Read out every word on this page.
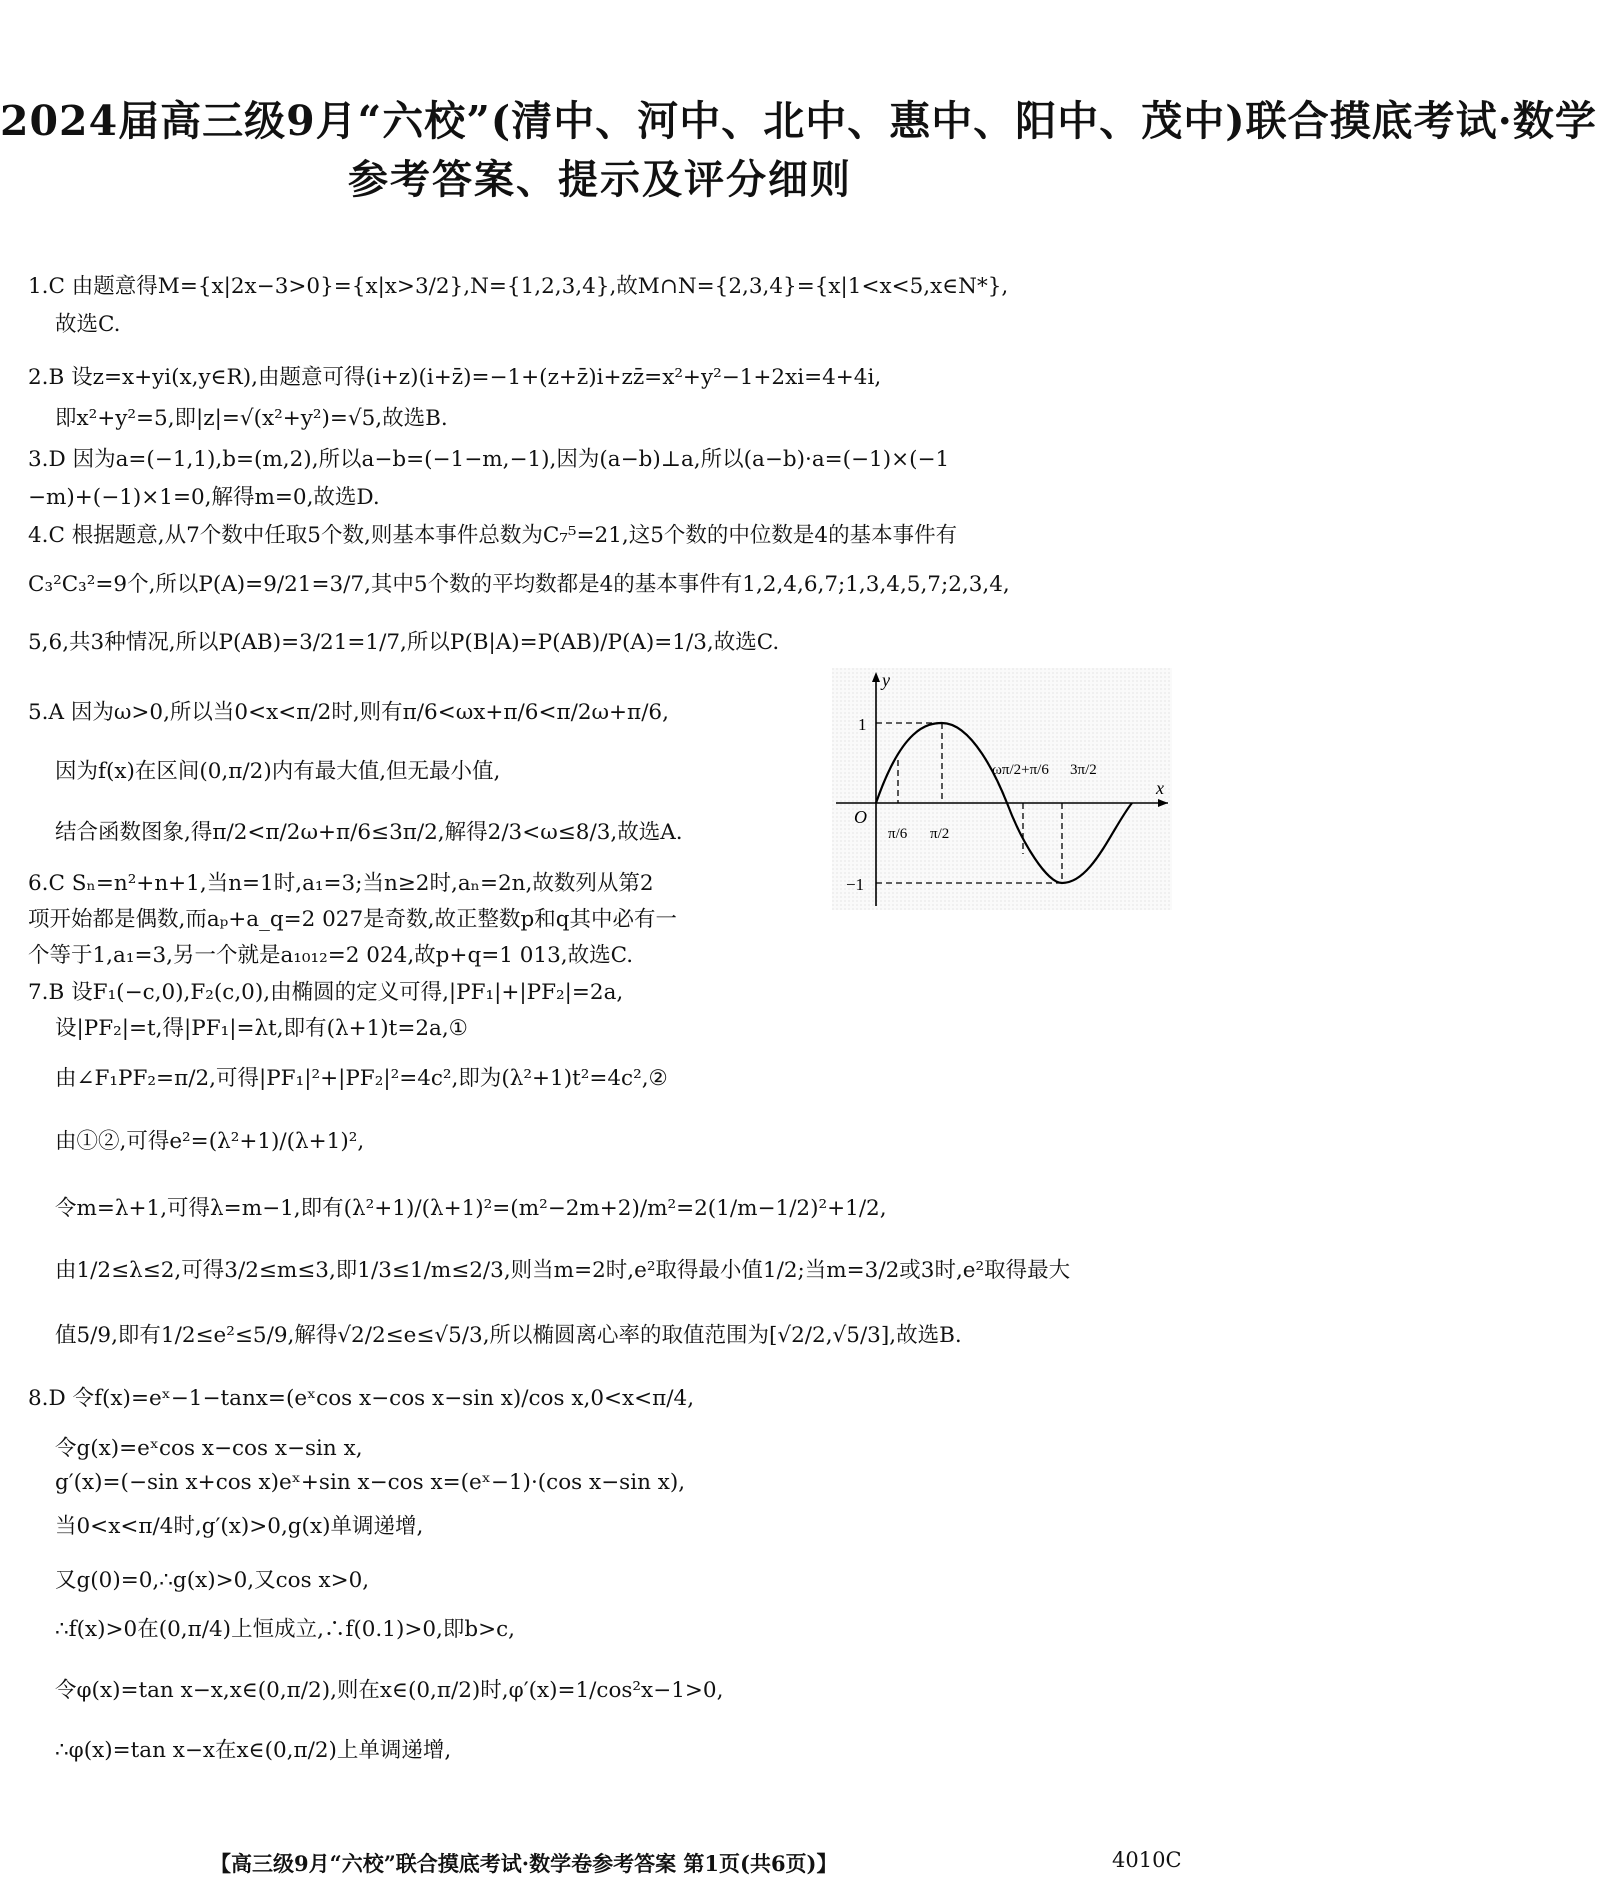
2024届高三级9月“六校”(清中、河中、北中、惠中、阳中、茂中)联合摸底考试·数学
参考答案、提示及评分细则
1.C 由题意得M={x|2x−3>0}={x|x>3/2},N={1,2,3,4},故M∩N={2,3,4}={x|1<x<5,x∈N*},
故选C.
2.B 设z=x+yi(x,y∈R),由题意可得(i+z)(i+z̄)=−1+(z+z̄)i+zz̄=x²+y²−1+2xi=4+4i,
即x²+y²=5,即|z|=√(x²+y²)=√5,故选B.
3.D 因为a=(−1,1),b=(m,2),所以a−b=(−1−m,−1),因为(a−b)⊥a,所以(a−b)·a=(−1)×(−1
−m)+(−1)×1=0,解得m=0,故选D.
4.C 根据题意,从7个数中任取5个数,则基本事件总数为C₇⁵=21,这5个数的中位数是4的基本事件有
C₃²C₃²=9个,所以P(A)=9/21=3/7,其中5个数的平均数都是4的基本事件有1,2,4,6,7;1,3,4,5,7;2,3,4,
5,6,共3种情况,所以P(AB)=3/21=1/7,所以P(B|A)=P(AB)/P(A)=1/3,故选C.
5.A 因为ω>0,所以当0<x<π/2时,则有π/6<ωx+π/6<π/2ω+π/6,
因为f(x)在区间(0,π/2)内有最大值,但无最小值,
结合函数图象,得π/2<π/2ω+π/6≤3π/2,解得2/3<ω≤8/3,故选A.
6.C Sₙ=n²+n+1,当n=1时,a₁=3;当n≥2时,aₙ=2n,故数列从第2
项开始都是偶数,而aₚ+a_q=2 027是奇数,故正整数p和q其中必有一
个等于1,a₁=3,另一个就是a₁₀₁₂=2 024,故p+q=1 013,故选C.
7.B 设F₁(−c,0),F₂(c,0),由椭圆的定义可得,|PF₁|+|PF₂|=2a,
设|PF₂|=t,得|PF₁|=λt,即有(λ+1)t=2a,①
由∠F₁PF₂=π/2,可得|PF₁|²+|PF₂|²=4c²,即为(λ²+1)t²=4c²,②
由①②,可得e²=(λ²+1)/(λ+1)²,
令m=λ+1,可得λ=m−1,即有(λ²+1)/(λ+1)²=(m²−2m+2)/m²=2(1/m−1/2)²+1/2,
由1/2≤λ≤2,可得3/2≤m≤3,即1/3≤1/m≤2/3,则当m=2时,e²取得最小值1/2;当m=3/2或3时,e²取得最大
值5/9,即有1/2≤e²≤5/9,解得√2/2≤e≤√5/3,所以椭圆离心率的取值范围为[√2/2,√5/3],故选B.
8.D 令f(x)=eˣ−1−tanx=(eˣcos x−cos x−sin x)/cos x,0<x<π/4,
令g(x)=eˣcos x−cos x−sin x,
g′(x)=(−sin x+cos x)eˣ+sin x−cos x=(eˣ−1)·(cos x−sin x),
当0<x<π/4时,g′(x)>0,g(x)单调递增,
又g(0)=0,∴g(x)>0,又cos x>0,
∴f(x)>0在(0,π/4)上恒成立,∴f(0.1)>0,即b>c,
令φ(x)=tan x−x,x∈(0,π/2),则在x∈(0,π/2)时,φ′(x)=1/cos²x−1>0,
∴φ(x)=tan x−x在x∈(0,π/2)上单调递增,
y
x
O
1
−1
π/6 π/2
ωπ/2+π/6 3π/2
【高三级9月“六校”联合摸底考试·数学卷参考答案 第1页(共6页)】	4010C
